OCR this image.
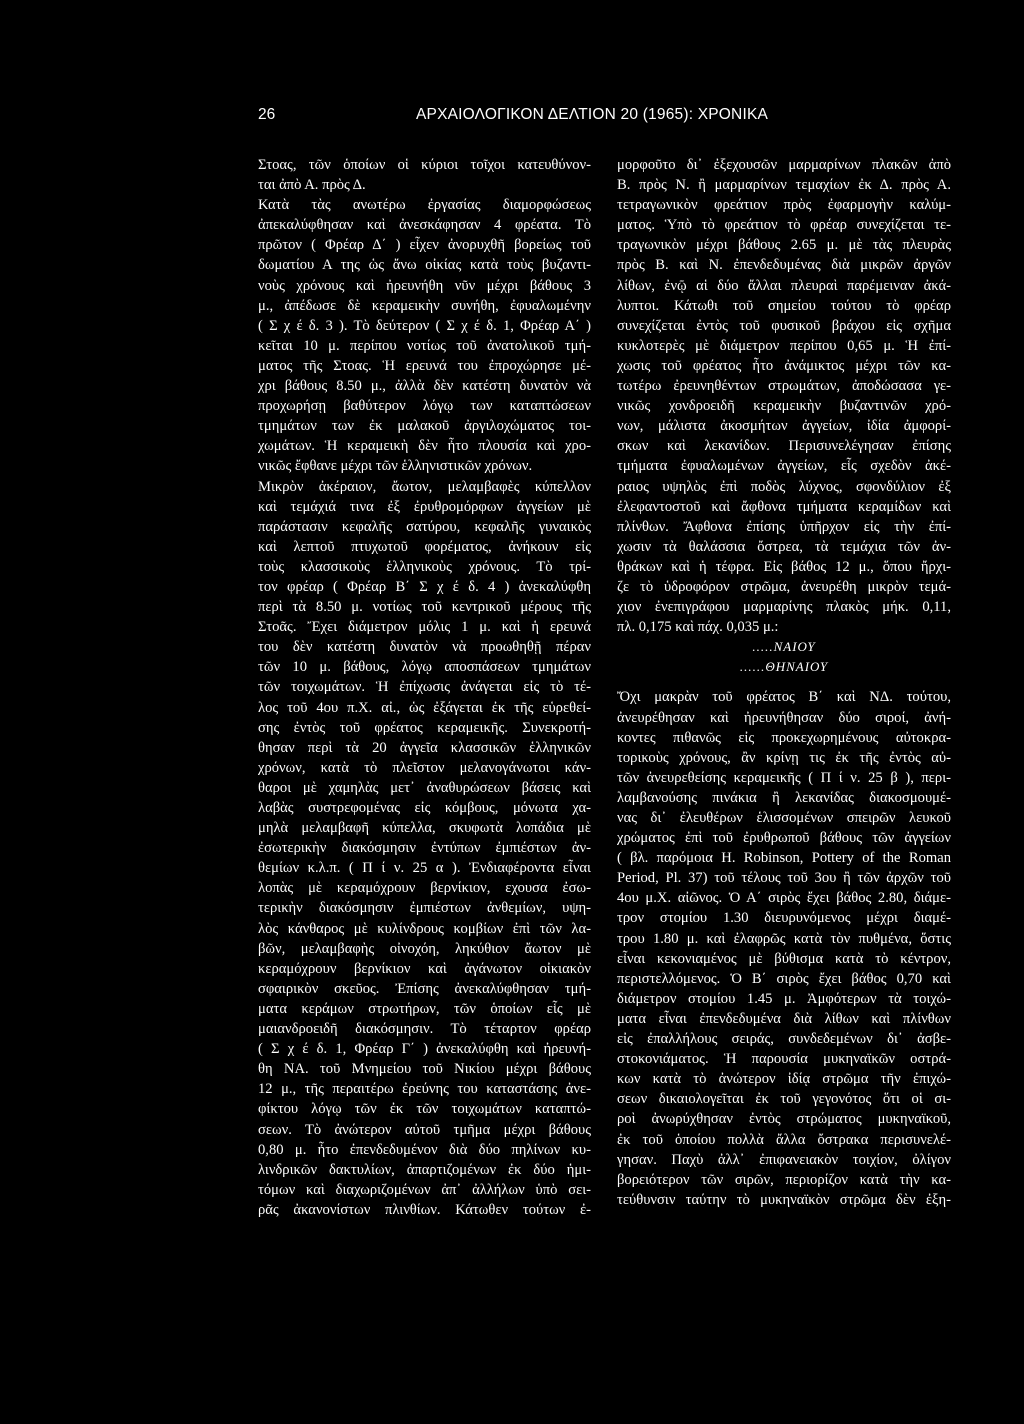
26	ΑΡΧΑΙΟΛΟΓΙΚΟΝ ΔΕΛΤΙΟΝ 20 (1965): ΧΡΟΝΙΚΑ
Στοας, τῶν ὁποίων οἱ κύριοι τοῖχοι κατευθύνον-
ται ἀπὸ Α. πρὸς Δ.
Κατὰ τὰς ανωτέρω ἐργασίας διαμορφώσεως
ἀπεκαλύφθησαν καὶ ἀνεσκάφησαν 4 φρέατα. Τὸ
πρῶτον ( Φρέαρ Δ΄ ) εἶχεν ἀνορυχθῆ βορείως τοῦ
δωματίου Α της ὡς ἄνω οἰκίας κατὰ τοὺς βυζαντι-
νοὺς χρόνους καὶ ἠρευνήθη νῦν μέχρι βάθους 3
μ., ἀπέδωσε δὲ κεραμεικὴν συνήθη, ἐφυαλωμένην
( Σ χ έ δ. 3 ). Τὸ δεύτερον ( Σ χ έ δ. 1, Φρέαρ Α΄ )
κεῖται 10 μ. περίπου νοτίως τοῦ ἀνατολικοῦ τμή-
ματος τῆς Στοας. Ἡ ερευνά του ἐπροχώρησε μέ-
χρι βάθους 8.50 μ., ἀλλὰ δὲν κατέστη δυνατὸν νὰ
προχωρήσῃ βαθύτερον λόγῳ των καταπτώσεων
τμημάτων των ἐκ μαλακοῦ ἀργιλοχώματος τοι-
χωμάτων. Ἡ κεραμεικὴ δὲν ἦτο πλουσία καὶ χρο-
νικῶς ἔφθανε μέχρι τῶν ἑλληνιστικῶν χρόνων.
Μικρὸν ἀκέραιον, ἄωτον, μελαμβαφὲς κύπελλον
καὶ τεμάχιά τινα ἐξ ἐρυθρομόρφων ἀγγείων μὲ
παράστασιν κεφαλῆς σατύρου, κεφαλῆς γυναικὸς
καὶ λεπτοῦ πτυχωτοῦ φορέματος, ἀνήκουν εἰς
τοὺς κλασσικοὺς ἑλληνικοὺς χρόνους. Τὸ τρί-
τον φρέαρ ( Φρέαρ Β΄ Σ χ έ δ. 4 ) ἀνεκαλύφθη
περὶ τὰ 8.50 μ. νοτίως τοῦ κεντρικοῦ μέρους τῆς
Στοᾶς. Ἔχει διάμετρον μόλις 1 μ. καὶ ἡ ερευνά
του δὲν κατέστη δυνατὸν νὰ προωθηθῇ πέραν
τῶν 10 μ. βάθους, λόγῳ αποσπάσεων τμημάτων
τῶν τοιχωμάτων. Ἡ ἐπίχωσις ἀνάγεται εἰς τὸ τέ-
λος τοῦ 4ου π.Χ. αἰ., ὡς ἐξάγεται ἐκ τῆς εὑρεθεί-
σης ἐντὸς τοῦ φρέατος κεραμεικῆς. Συνεκροτή-
θησαν περὶ τὰ 20 ἀγγεῖα κλασσικῶν ἑλληνικῶν
χρόνων, κατὰ τὸ πλεῖστον μελανογάνωτοι κάν-
θαροι μὲ χαμηλὰς μετ᾽ ἀναθυρώσεων βάσεις καὶ
λαβὰς συστρεφομένας εἰς κόμβους, μόνωτα χα-
μηλὰ μελαμβαφῆ κύπελλα, σκυφωτὰ λοπάδια μὲ
ἐσωτερικὴν διακόσμησιν ἐντύπων ἐμπιέστων ἀν-
θεμίων κ.λ.π. ( Π ί ν. 25 α ). Ἐνδιαφέροντα εἶναι
λοπὰς μὲ κεραμόχρουν βερνίκιον, εχουσα ἐσω-
τερικὴν διακόσμησιν ἐμπιέστων ἀνθεμίων, υψη-
λὸς κάνθαρος μὲ κυλίνδρους κομβίων ἐπὶ τῶν λα-
βῶν, μελαμβαφὴς οἰνοχόη, ληκύθιον ἄωτον μὲ
κεραμόχρουν βερνίκιον καὶ ἀγάνωτον οἰκιακὸν
σφαιρικὸν σκεῦος. Ἐπίσης ἀνεκαλύφθησαν τμή-
ματα κεράμων στρωτήρων, τῶν ὁποίων εἷς μὲ
μαιανδροειδῆ διακόσμησιν. Τὸ τέταρτον φρέαρ
( Σ χ έ δ. 1, Φρέαρ Γ΄ ) ἀνεκαλύφθη καὶ ἠρευνή-
θη ΝΑ. τοῦ Μνημείου τοῦ Νικίου μέχρι βάθους
12 μ., τῆς περαιτέρω ἐρεύνης του καταστάσης ἀνε-
φίκτου λόγῳ τῶν ἐκ τῶν τοιχωμάτων καταπτώ-
σεων. Τὸ ἀνώτερον αὐτοῦ τμῆμα μέχρι βάθους
0,80 μ. ἦτο ἐπενδεδυμένον διὰ δύο πηλίνων κυ-
λινδρικῶν δακτυλίων, ἀπαρτιζομένων ἐκ δύο ἡμι-
τόμων καὶ διαχωριζομένων ἀπ᾽ ἀλλήλων ὑπὸ σει-
ρᾶς ἀκανονίστων πλινθίων. Κάτωθεν τούτων ἐ-
μορφοῦτο δι᾽ ἐξεχουσῶν μαρμαρίνων πλακῶν ἀπὸ
Β. πρὸς Ν. ἢ μαρμαρίνων τεμαχίων ἐκ Δ. πρὸς Α.
τετραγωνικὸν φρεάτιον πρὸς ἐφαρμογὴν καλύμ-
ματος. Ὑπὸ τὸ φρεάτιον τὸ φρέαρ συνεχίζεται τε-
τραγωνικὸν μέχρι βάθους 2.65 μ. μὲ τὰς πλευρὰς
πρὸς Β. καὶ Ν. ἐπενδεδυμένας διὰ μικρῶν ἀργῶν
λίθων, ἐνῷ αἱ δύο ἄλλαι πλευραὶ παρέμειναν ἀκά-
λυπτοι. Κάτωθι τοῦ σημείου τούτου τὸ φρέαρ
συνεχίζεται ἐντὸς τοῦ φυσικοῦ βράχου εἰς σχῆμα
κυκλοτερὲς μὲ διάμετρον περίπου 0,65 μ. Ἡ ἐπί-
χωσις τοῦ φρέατος ἦτο ἀνάμικτος μέχρι τῶν κα-
τωτέρω ἐρευνηθέντων στρωμάτων, ἀποδώσασα γε-
νικῶς χονδροειδῆ κεραμεικὴν βυζαντινῶν χρό-
νων, μάλιστα ἀκοσμήτων ἀγγείων, ἰδία ἀμφορί-
σκων καὶ λεκανίδων. Περισυνελέγησαν ἐπίσης
τμήματα ἐφυαλωμένων ἀγγείων, εἷς σχεδὸν ἀκέ-
ραιος υψηλὸς ἐπὶ ποδὸς λύχνος, σφονδύλιον ἐξ
ἐλεφαντοστοῦ καὶ ἄφθονα τμήματα κεραμίδων καὶ
πλίνθων. Ἄφθονα ἐπίσης ὑπῆρχον εἰς τὴν ἐπί-
χωσιν τὰ θαλάσσια ὄστρεα, τὰ τεμάχια τῶν ἀν-
θράκων καὶ ἡ τέφρα. Εἰς βάθος 12 μ., ὅπου ἤρχι-
ζε τὸ ὑδροφόρον στρῶμα, ἀνευρέθη μικρὸν τεμά-
χιον ἐνεπιγράφου μαρμαρίνης πλακὸς μήκ. 0,11,
πλ. 0,175 καὶ πάχ. 0,035 μ.:
.....ΝΑΙΟΥ
......ΘΗΝΑΙΟΥ
Ὄχι μακρὰν τοῦ φρέατος Β΄ καὶ ΝΔ. τούτου,
ἀνευρέθησαν καὶ ἠρευνήθησαν δύο σιροί, ἀνή-
κοντες πιθανῶς εἰς προκεχωρημένους αὐτοκρα-
τορικοὺς χρόνους, ἂν κρίνῃ τις ἐκ τῆς ἐντὸς αὐ-
τῶν ἀνευρεθείσης κεραμεικῆς ( Π ί ν. 25 β ), περι-
λαμβανούσης πινάκια ἢ λεκανίδας διακοσμουμέ-
νας δι᾽ ἐλευθέρων ἑλισσομένων σπειρῶν λευκοῦ
χρώματος ἐπὶ τοῦ ἐρυθρωποῦ βάθους τῶν ἀγγείων
( βλ. παρόμοια Η. Robinson, Pottery of the Roman
Period, Pl. 37) τοῦ τέλους τοῦ 3ου ἢ τῶν ἀρχῶν τοῦ
4ου μ.Χ. αἰῶνος. Ὁ Α΄ σιρὸς ἔχει βάθος 2.80, διάμε-
τρον στομίου 1.30 διευρυνόμενος μέχρι διαμέ-
τρου 1.80 μ. καὶ ἐλαφρῶς κατὰ τὸν πυθμένα, ὅστις
εἶναι κεκονιαμένος μὲ βύθισμα κατὰ τὸ κέντρον,
περιστελλόμενος. Ὁ Β΄ σιρὸς ἔχει βάθος 0,70 καὶ
διάμετρον στομίου 1.45 μ. Ἀμφότερων τὰ τοιχώ-
ματα εἶναι ἐπενδεδυμένα διὰ λίθων καὶ πλίνθων
εἰς ἐπαλλήλους σειράς, συνδεδεμένων δι᾽ ἀσβε-
στοκονιάματος. Ἡ παρουσία μυκηναϊκῶν οστρά-
κων κατὰ τὸ ἀνώτερον ἰδίᾳ στρῶμα τῆν ἐπιχώ-
σεων δικαιολογεῖται ἐκ τοῦ γεγονότος ὅτι οἱ σι-
ροὶ ἀνωρύχθησαν ἐντὸς στρώματος μυκηναϊκοῦ,
ἐκ τοῦ ὁποίου πολλὰ ἄλλα ὄστρακα περισυνελέ-
γησαν. Παχὺ ἀλλ᾽ ἐπιφανειακὸν τοιχίον, ὀλίγον
βορειότερον τῶν σιρῶν, περιορίζον κατὰ τὴν κα-
τεύθυνσιν ταύτην τὸ μυκηναϊκὸν στρῶμα δὲν ἐξη-
